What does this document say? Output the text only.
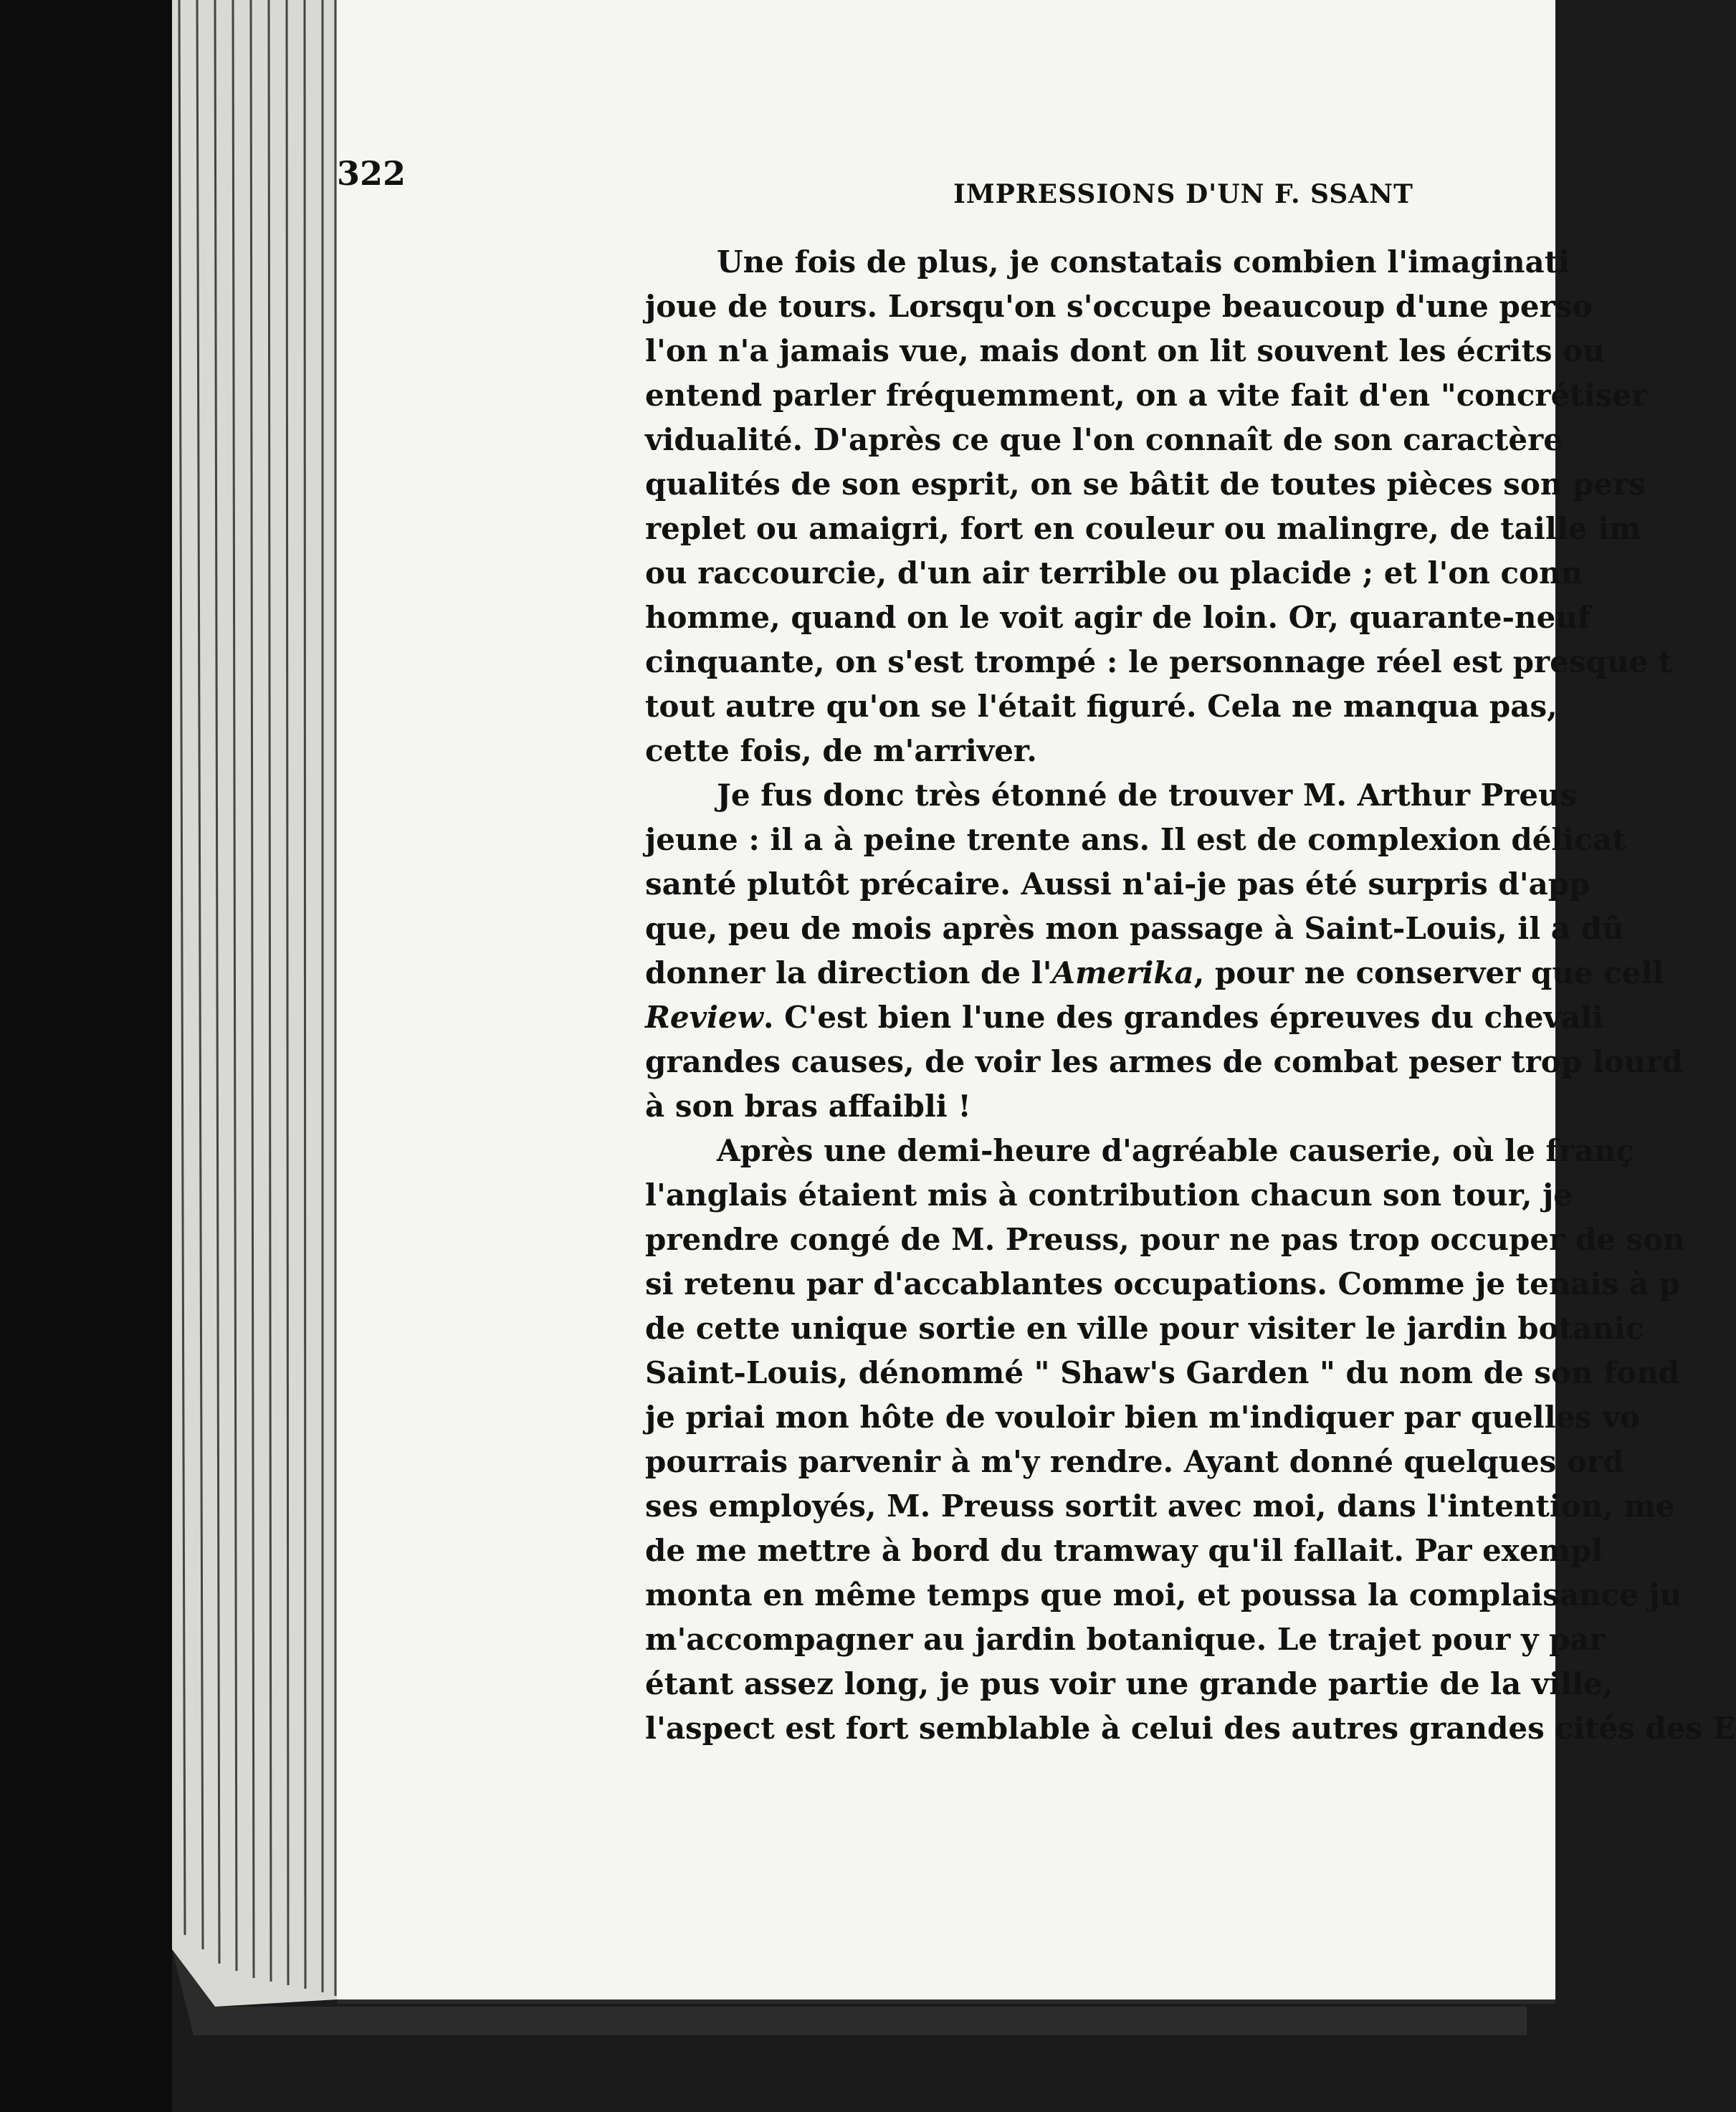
322
IMPRESSIONS D'UN F. SSANT
Une fois de plus, je constatais combien l'imaginati
joue de tours. Lorsqu'on s'occupe beaucoup d'une perso
l'on n'a jamais vue, mais dont on lit souvent les écrits ou
entend parler fréquemment, on a vite fait d'en "concrétiser
vidualité. D'après ce que l'on connaît de son caractère
qualités de son esprit, on se bâtit de toutes pièces son pers
replet ou amaigri, fort en couleur ou malingre, de taille im
ou raccourcie, d'un air terrible ou placide ; et l'on conn
homme, quand on le voit agir de loin. Or, quarante-neuf
cinquante, on s'est trompé : le personnage réel est presque t
tout autre qu'on se l'était figuré. Cela ne manqua pas,
cette fois, de m'arriver.
Je fus donc très étonné de trouver M. Arthur Preus
jeune : il a à peine trente ans. Il est de complexion délicat
santé plutôt précaire. Aussi n'ai-je pas été surpris d'app
que, peu de mois après mon passage à Saint-Louis, il a dû
donner la direction de l'Amerika, pour ne conserver que cell
Review. C'est bien l'une des grandes épreuves du chevali
grandes causes, de voir les armes de combat peser trop lourd
à son bras affaibli !
Après une demi-heure d'agréable causerie, où le franç
l'anglais étaient mis à contribution chacun son tour, je
prendre congé de M. Preuss, pour ne pas trop occuper de son
si retenu par d'accablantes occupations. Comme je tenais à p
de cette unique sortie en ville pour visiter le jardin botanic
Saint-Louis, dénommé " Shaw's Garden " du nom de son fond
je priai mon hôte de vouloir bien m'indiquer par quelles vo
pourrais parvenir à m'y rendre. Ayant donné quelques ord
ses employés, M. Preuss sortit avec moi, dans l'intention, me
de me mettre à bord du tramway qu'il fallait. Par exempl
monta en même temps que moi, et poussa la complaisance ju
m'accompagner au jardin botanique. Le trajet pour y par
étant assez long, je pus voir une grande partie de la ville,
l'aspect est fort semblable à celui des autres grandes cités des E
